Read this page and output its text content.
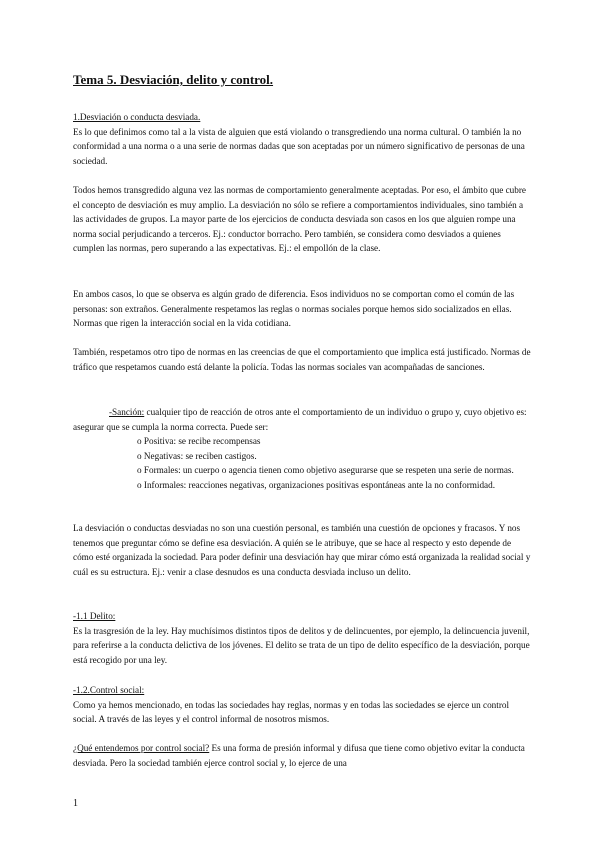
Tema 5. Desviación, delito y control.
1.Desviación o conducta desviada.
Es lo que definimos como tal a la vista de alguien que está violando o transgrediendo una norma cultural. O también la no conformidad a una norma o a una serie de normas dadas que son aceptadas por un número significativo de personas de una sociedad.
Todos hemos transgredido alguna vez las normas de comportamiento generalmente aceptadas. Por eso, el ámbito que cubre el concepto de desviación es muy amplio. La desviación no sólo se refiere a comportamientos individuales, sino también a las actividades de grupos. La mayor parte de los ejercicios de conducta desviada son casos en los que alguien rompe una norma social perjudicando a terceros. Ej.: conductor borracho. Pero también, se considera como desviados a quienes cumplen las normas, pero superando a las expectativas. Ej.: el empollón de la clase.
En ambos casos, lo que se observa es algún grado de diferencia. Esos individuos no se comportan como el común de las personas: son extraños. Generalmente respetamos las reglas o normas sociales porque hemos sido socializados en ellas. Normas que rigen la interacción social en la vida cotidiana.
También, respetamos otro tipo de normas en las creencias de que el comportamiento que implica está justificado. Normas de tráfico que respetamos cuando está delante la policía. Todas las normas sociales van acompañadas de sanciones.
-Sanción: cualquier tipo de reacción de otros ante el comportamiento de un individuo o grupo y, cuyo objetivo es: asegurar que se cumpla la norma correcta. Puede ser:
o Positiva: se recibe recompensas
o Negativas: se reciben castigos.
o Formales: un cuerpo o agencia tienen como objetivo asegurarse que se respeten una serie de normas.
o Informales: reacciones negativas, organizaciones positivas espontáneas ante la no conformidad.
La desviación o conductas desviadas no son una cuestión personal, es también una cuestión de opciones y fracasos. Y nos tenemos que preguntar cómo se define esa desviación. A quién se le atribuye, que se hace al respecto y esto depende de cómo esté organizada la sociedad. Para poder definir una desviación hay que mirar cómo está organizada la realidad social y cuál es su estructura. Ej.: venir a clase desnudos es una conducta desviada incluso un delito.
-1.1 Delito:
Es la trasgresión de la ley. Hay muchísimos distintos tipos de delitos y de delincuentes, por ejemplo, la delincuencia juvenil, para referirse a la conducta delictiva de los jóvenes. El delito se trata de un tipo de delito específico de la desviación, porque está recogido por una ley.
-1.2.Control social:
Como ya hemos mencionado, en todas las sociedades hay reglas, normas y en todas las sociedades se ejerce un control social. A través de las leyes y el control informal de nosotros mismos.
¿Qué entendemos por control social? Es una forma de presión informal y difusa que tiene como objetivo evitar la conducta desviada. Pero la sociedad también ejerce control social y, lo ejerce de una
1
